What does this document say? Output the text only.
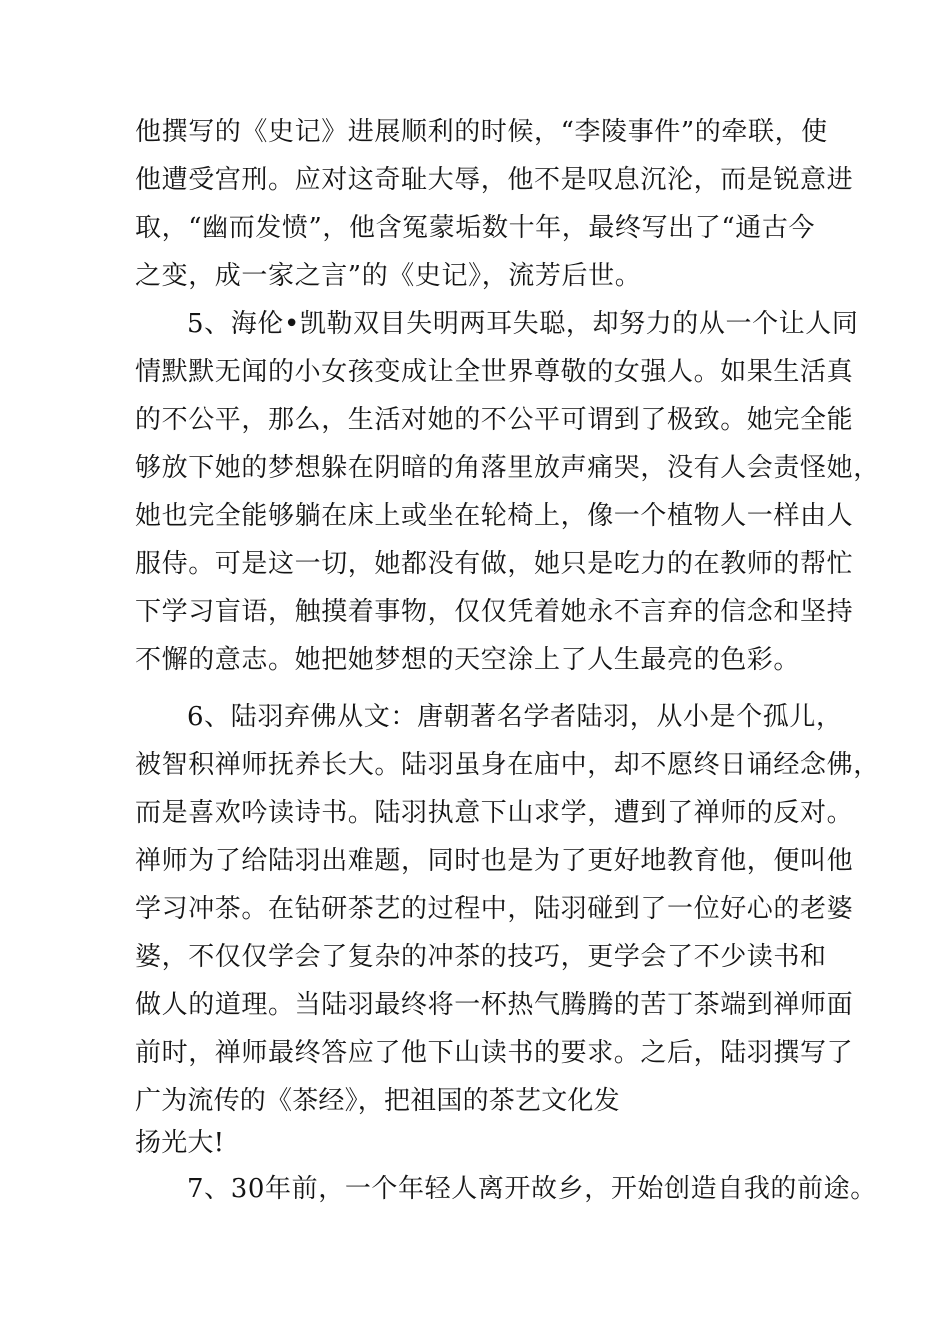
他撰写的《史记》进展顺利的时候，“李陵事件”的牵联，使
他遭受宫刑。应对这奇耻大辱，他不是叹息沉沦，而是锐意进
取，“幽而发愤”，他含冤蒙垢数十年，最终写出了“通古今
之变，成一家之言”的《史记》，流芳后世。
5、海伦•凯勒双目失明两耳失聪，却努力的从一个让人同
情默默无闻的小女孩变成让全世界尊敬的女强人。如果生活真
的不公平，那么，生活对她的不公平可谓到了极致。她完全能
够放下她的梦想躲在阴暗的角落里放声痛哭，没有人会责怪她，
她也完全能够躺在床上或坐在轮椅上，像一个植物人一样由人
服侍。可是这一切，她都没有做，她只是吃力的在教师的帮忙
下学习盲语，触摸着事物，仅仅凭着她永不言弃的信念和坚持
不懈的意志。她把她梦想的天空涂上了人生最亮的色彩。
6、陆羽弃佛从文：唐朝著名学者陆羽，从小是个孤儿，
被智积禅师抚养长大。陆羽虽身在庙中，却不愿终日诵经念佛，
而是喜欢吟读诗书。陆羽执意下山求学，遭到了禅师的反对。
禅师为了给陆羽出难题，同时也是为了更好地教育他，便叫他
学习冲茶。在钻研茶艺的过程中，陆羽碰到了一位好心的老婆
婆，不仅仅学会了复杂的冲茶的技巧，更学会了不少读书和
做人的道理。当陆羽最终将一杯热气腾腾的苦丁茶端到禅师面
前时，禅师最终答应了他下山读书的要求。之后，陆羽撰写了
广为流传的《茶经》，把祖国的茶艺文化发
扬光大!
7、30年前，一个年轻人离开故乡，开始创造自我的前途。
